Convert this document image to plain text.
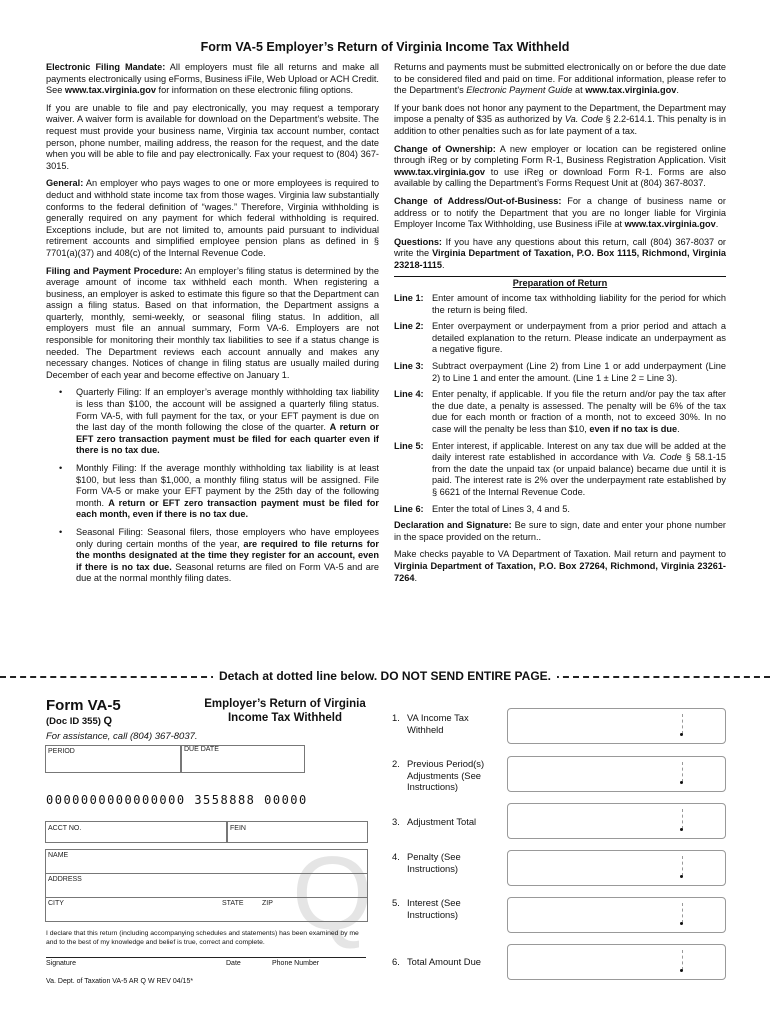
Form VA-5 Employer’s Return of Virginia Income Tax Withheld

Electronic Filing Mandate: All employers must file all returns and make all payments electronically using eForms, Business iFile, Web Upload or ACH Credit. See www.tax.virginia.gov for information on these electronic filing options.

If you are unable to file and pay electronically, you may request a temporary waiver. A waiver form is available for download on the Department’s website. The request must provide your business name, Virginia tax account number, contact person, phone number, mailing address, the reason for the request, and the date when you will be able to file and pay electronically. Fax your request to (804) 367-3015.

General: An employer who pays wages to one or more employees is required to deduct and withhold state income tax from those wages. Virginia law substantially conforms to the federal definition of “wages.” Therefore, Virginia withholding is generally required on any payment for which federal withholding is required. Exceptions include, but are not limited to, amounts paid pursuant to individual retirement accounts and simplified employee pension plans as defined in § 7701(a)(37) and 408(c) of the Internal Revenue Code.

Filing and Payment Procedure: An employer’s filing status is determined by the average amount of income tax withheld each month. When registering a business, an employer is asked to estimate this figure so that the Department can assign a filing status. Based on that information, the Department assigns a quarterly, monthly, semi-weekly, or seasonal filing status. In addition, all employers must file an annual summary, Form VA-6. Employers are not responsible for monitoring their monthly tax liabilities to see if a status change is needed. The Department reviews each account annually and makes any necessary changes. Notices of change in filing status are usually mailed during December of each year and become effective on January 1.

• Quarterly Filing: If an employer’s average monthly withholding tax liability is less than $100, the account will be assigned a quarterly filing status. Form VA-5, with full payment for the tax, or your EFT payment is due on the last day of the month following the close of the quarter. A return or EFT zero transaction payment must be filed for each quarter even if there is no tax due.
• Monthly Filing: If the average monthly withholding tax liability is at least $100, but less than $1,000, a monthly filing status will be assigned. File Form VA-5 or make your EFT payment by the 25th day of the following month. A return or EFT zero transaction payment must be filed for each month, even if there is no tax due.
• Seasonal Filing: Seasonal filers, those employers who have employees only during certain months of the year, are required to file returns for the months designated at the time they register for an account, even if there is no tax due. Seasonal returns are filed on Form VA-5 and are due at the normal monthly filing dates.

Returns and payments must be submitted electronically on or before the due date to be considered filed and paid on time. For additional information, please refer to the Department's Electronic Payment Guide at www.tax.virginia.gov.

If your bank does not honor any payment to the Department, the Department may impose a penalty of $35 as authorized by Va. Code § 2.2-614.1. This penalty is in addition to other penalties such as for late payment of a tax.

Change of Ownership: A new employer or location can be registered online through iReg or by completing Form R-1, Business Registration Application. Visit www.tax.virginia.gov to use iReg or download Form R-1. Forms are also available by calling the Department’s Forms Request Unit at (804) 367-8037.

Change of Address/Out-of-Business: For a change of business name or address or to notify the Department that you are no longer liable for Virginia Employer Income Tax Withholding, use Business iFile at www.tax.virginia.gov.

Questions: If you have any questions about this return, call (804) 367-8037 or write the Virginia Department of Taxation, P.O. Box 1115, Richmond, Virginia 23218-1115.

Preparation of Return
Line 1: Enter amount of income tax withholding liability for the period for which the return is being filed.
Line 2: Enter overpayment or underpayment from a prior period and attach a detailed explanation to the return. Please indicate an underpayment as a negative figure.
Line 3: Subtract overpayment (Line 2) from Line 1 or add underpayment (Line 2) to Line 1 and enter the amount. (Line 1 ± Line 2 = Line 3).
Line 4: Enter penalty, if applicable. If you file the return and/or pay the tax after the due date, a penalty is assessed. The penalty will be 6% of the tax due for each month or fraction of a month, not to exceed 30%. In no case will the penalty be less than $10, even if no tax is due.
Line 5: Enter interest, if applicable. Interest on any tax due will be added at the daily interest rate established in accordance with Va. Code § 58.1-15 from the date the unpaid tax (or unpaid balance) became due until it is paid. The interest rate is 2% over the underpayment rate established by § 6621 of the Internal Revenue Code.
Line 6: Enter the total of Lines 3, 4 and 5.

Declaration and Signature: Be sure to sign, date and enter your phone number in the space provided on the return..

Make checks payable to VA Department of Taxation. Mail return and payment to Virginia Department of Taxation, P.O. Box 27264, Richmond, Virginia 23261-7264.

Detach at dotted line below. DO NOT SEND ENTIRE PAGE.
Form VA-5
(Doc ID 355) Q
For assistance, call (804) 367-8037.
Employer’s Return of Virginia Income Tax Withheld
PERIOD	DUE DATE
0000000000000000 3558888 00000
Q
ACCT NO.	FEIN
NAME
ADDRESS
CITY	STATE	ZIP
I declare that this return (including accompanying schedules and statements) has been examined by me and to the best of my knowledge and belief is true, correct and complete.
Signature	Date	Phone Number
Va. Dept. of Taxation VA-5 AR Q W REV 04/15*
1. VA Income Tax Withheld
2. Previous Period(s) Adjustments (See Instructions)
3. Adjustment Total
4. Penalty (See Instructions)
5. Interest (See Instructions)
6. Total Amount Due
